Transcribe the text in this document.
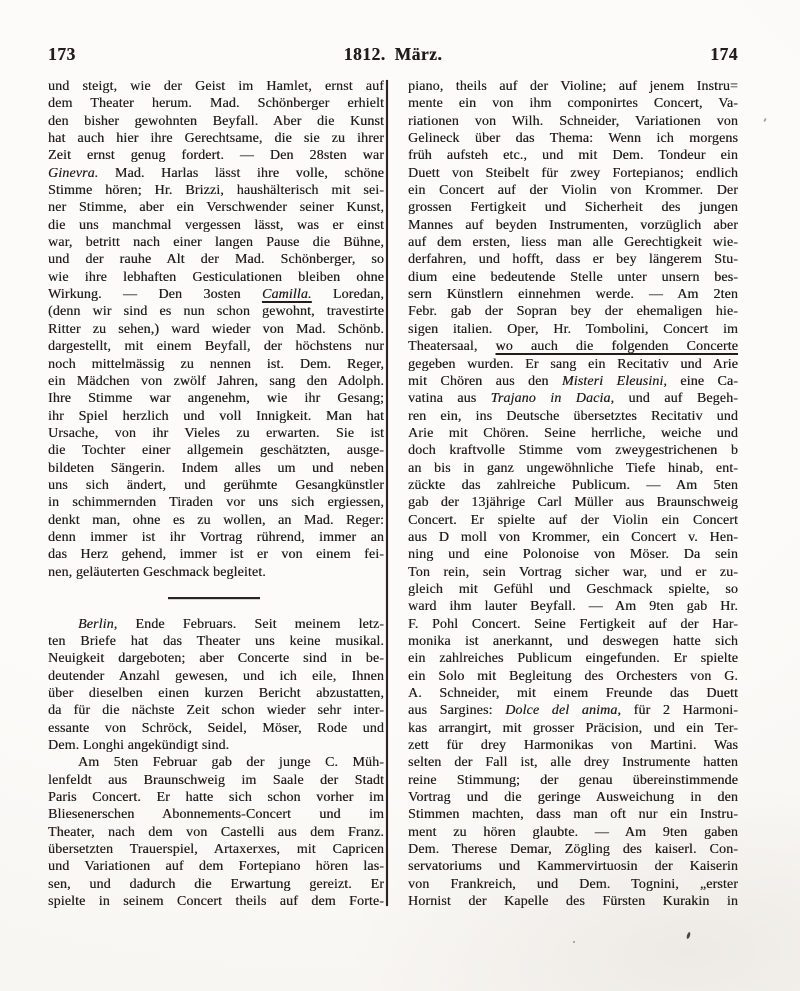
173	1812. März.	174
und steigt, wie der Geist im Hamlet, ernst auf
dem Theater herum. Mad. Schönberger erhielt
den bisher gewohnten Beyfall. Aber die Kunst
hat auch hier ihre Gerechtsame, die sie zu ihrer
Zeit ernst genug fordert. — Den 28sten war
Ginevra. Mad. Harlas lässt ihre volle, schöne
Stimme hören; Hr. Brizzi, haushälterisch mit sei-
ner Stimme, aber ein Verschwender seiner Kunst,
die uns manchmal vergessen lässt, was er einst
war, betritt nach einer langen Pause die Bühne,
und der rauhe Alt der Mad. Schönberger, so
wie ihre lebhaften Gesticulationen bleiben ohne
Wirkung. — Den 3osten Camilla. Loredan,
(denn wir sind es nun schon gewohnt, travestirte
Ritter zu sehen,) ward wieder von Mad. Schönb.
dargestellt, mit einem Beyfall, der höchstens nur
noch mittelmässig zu nennen ist. Dem. Reger,
ein Mädchen von zwölf Jahren, sang den Adolph.
Ihre Stimme war angenehm, wie ihr Gesang;
ihr Spiel herzlich und voll Innigkeit. Man hat
Ursache, von ihr Vieles zu erwarten. Sie ist
die Tochter einer allgemein geschätzten, ausge-
bildeten Sängerin. Indem alles um und neben
uns sich ändert, und gerühmte Gesangkünstler
in schimmernden Tiraden vor uns sich ergiessen,
denkt man, ohne es zu wollen, an Mad. Reger:
denn immer ist ihr Vortrag rührend, immer an
das Herz gehend, immer ist er von einem fei-
nen, geläuterten Geschmack begleitet.
Berlin, Ende Februars. Seit meinem letz-
ten Briefe hat das Theater uns keine musikal.
Neuigkeit dargeboten; aber Concerte sind in be-
deutender Anzahl gewesen, und ich eile, Ihnen
über dieselben einen kurzen Bericht abzustatten,
da für die nächste Zeit schon wieder sehr inter-
essante von Schröck, Seidel, Möser, Rode und
Dem. Longhi angekündigt sind.
Am 5ten Februar gab der junge C. Müh-
lenfeldt aus Braunschweig im Saale der Stadt
Paris Concert. Er hatte sich schon vorher im
Bliesenerschen Abonnements-Concert und im
Theater, nach dem von Castelli aus dem Franz.
übersetzten Trauerspiel, Artaxerxes, mit Capricen
und Variationen auf dem Fortepiano hören las-
sen, und dadurch die Erwartung gereizt. Er
spielte in seinem Concert theils auf dem Forte-
piano, theils auf der Violine; auf jenem Instru=
mente ein von ihm componirtes Concert, Va-
riationen von Wilh. Schneider, Variationen von
Gelineck über das Thema: Wenn ich morgens
früh aufsteh etc., und mit Dem. Tondeur ein
Duett von Steibelt für zwey Fortepianos; endlich
ein Concert auf der Violin von Krommer. Der
grossen Fertigkeit und Sicherheit des jungen
Mannes auf beyden Instrumenten, vorzüglich aber
auf dem ersten, liess man alle Gerechtigkeit wie-
derfahren, und hofft, dass er bey längerem Stu-
dium eine bedeutende Stelle unter unsern bes-
sern Künstlern einnehmen werde. — Am 2ten
Febr. gab der Sopran bey der ehemaligen hie-
sigen italien. Oper, Hr. Tombolini, Concert im
Theatersaal, wo auch die folgenden Concerte
gegeben wurden. Er sang ein Recitativ und Arie
mit Chören aus den Misteri Eleusini, eine Ca-
vatina aus Trajano in Dacia, und auf Begeh-
ren ein, ins Deutsche übersetztes Recitativ und
Arie mit Chören. Seine herrliche, weiche und
doch kraftvolle Stimme vom zweygestrichenen b
an bis in ganz ungewöhnliche Tiefe hinab, ent-
zückte das zahlreiche Publicum. — Am 5ten
gab der 13jährige Carl Müller aus Braunschweig
Concert. Er spielte auf der Violin ein Concert
aus D moll von Krommer, ein Concert v. Hen-
ning und eine Polonoise von Möser. Da sein
Ton rein, sein Vortrag sicher war, und er zu-
gleich mit Gefühl und Geschmack spielte, so
ward ihm lauter Beyfall. — Am 9ten gab Hr.
F. Pohl Concert. Seine Fertigkeit auf der Har-
monika ist anerkannt, und deswegen hatte sich
ein zahlreiches Publicum eingefunden. Er spielte
ein Solo mit Begleitung des Orchesters von G.
A. Schneider, mit einem Freunde das Duett
aus Sargines: Dolce del anima, für 2 Harmoni-
kas arrangirt, mit grosser Präcision, und ein Ter-
zett für drey Harmonikas von Martini. Was
selten der Fall ist, alle drey Instrumente hatten
reine Stimmung; der genau übereinstimmende
Vortrag und die geringe Ausweichung in den
Stimmen machten, dass man oft nur ein Instru-
ment zu hören glaubte. — Am 9ten gaben
Dem. Therese Demar, Zögling des kaiserl. Con-
servatoriums und Kammervirtuosin der Kaiserin
von Frankreich, und Dem. Tognini, „erster
Hornist der Kapelle des Fürsten Kurakin in
